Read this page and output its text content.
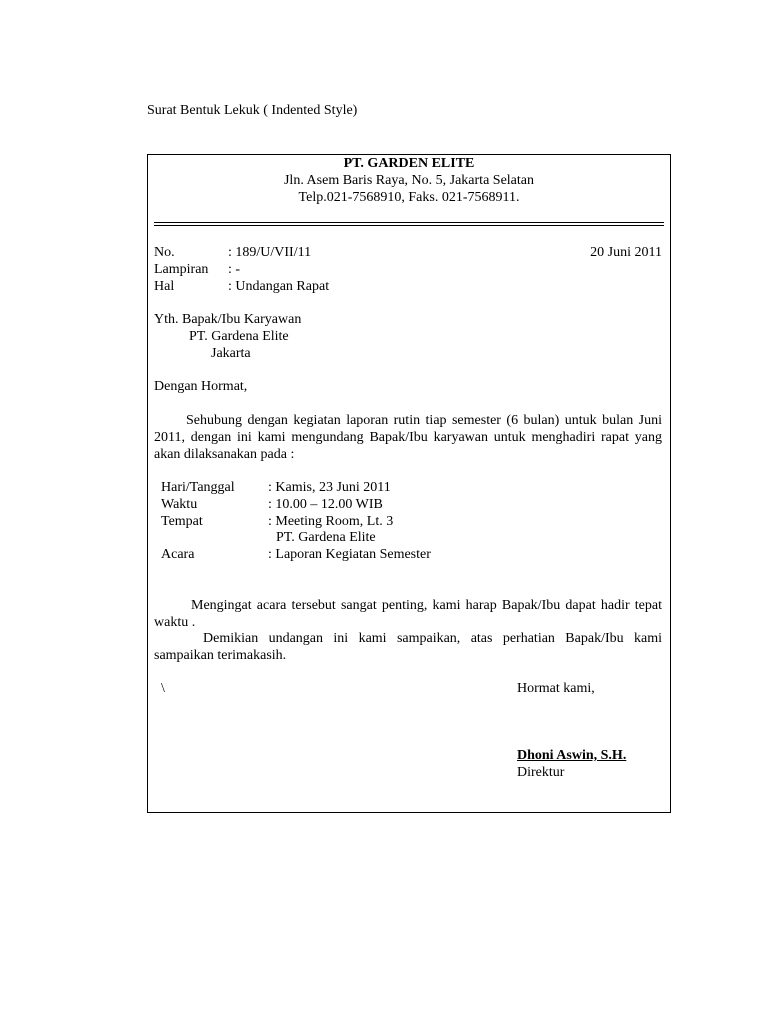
Surat Bentuk Lekuk ( Indented Style)
PT. GARDEN ELITE
Jln. Asem Baris Raya, No. 5, Jakarta Selatan
Telp.021-7568910, Faks. 021-7568911.
No.	: 189/U/VII/11
Lampiran : -
Hal	: Undangan Rapat
20 Juni 2011
Yth. Bapak/Ibu Karyawan
PT. Gardena Elite
Jakarta
Dengan Hormat,

Sehubung dengan kegiatan laporan rutin tiap semester (6 bulan) untuk bulan Juni 2011, dengan ini kami mengundang Bapak/Ibu karyawan untuk menghadiri rapat yang akan dilaksanakan pada :

Hari/Tanggal : Kamis, 23 Juni 2011
Waktu	: 10.00 – 12.00 WIB
Tempat	: Meeting Room, Lt. 3
PT. Gardena Elite
Acara	: Laporan Kegiatan Semester

Mengingat acara tersebut sangat penting, kami harap Bapak/Ibu dapat hadir tepat waktu .

Demikian undangan ini kami sampaikan, atas perhatian Bapak/Ibu kami sampaikan terimakasih.

\	Hormat kami,
Dhoni Aswin, S.H.
Direktur
